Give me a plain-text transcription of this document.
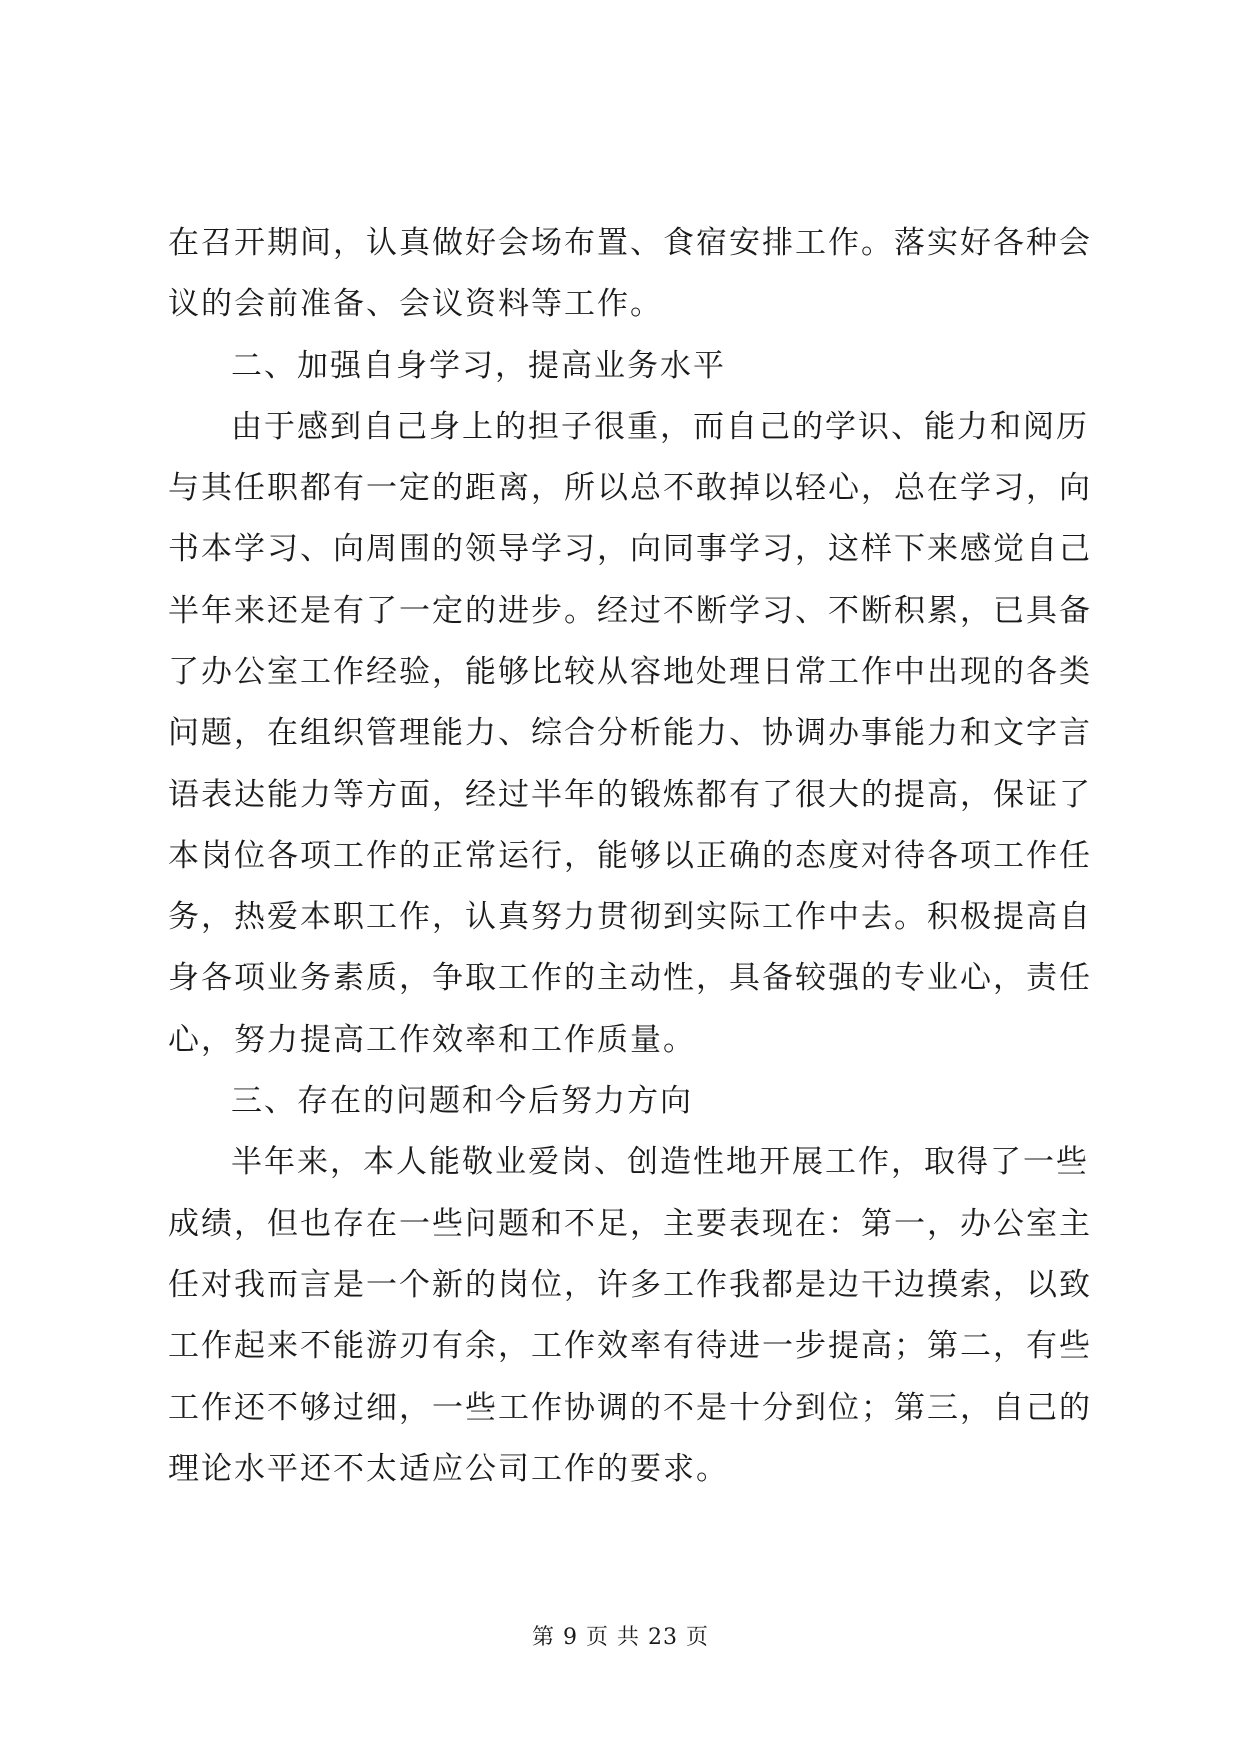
在召开期间，认真做好会场布置、食宿安排工作。落实好各种会
议的会前准备、会议资料等工作。
二、加强自身学习，提高业务水平
由于感到自己身上的担子很重，而自己的学识、能力和阅历
与其任职都有一定的距离，所以总不敢掉以轻心，总在学习，向
书本学习、向周围的领导学习，向同事学习，这样下来感觉自己
半年来还是有了一定的进步。经过不断学习、不断积累，已具备
了办公室工作经验，能够比较从容地处理日常工作中出现的各类
问题，在组织管理能力、综合分析能力、协调办事能力和文字言
语表达能力等方面，经过半年的锻炼都有了很大的提高，保证了
本岗位各项工作的正常运行，能够以正确的态度对待各项工作任
务，热爱本职工作，认真努力贯彻到实际工作中去。积极提高自
身各项业务素质，争取工作的主动性，具备较强的专业心，责任
心，努力提高工作效率和工作质量。
三、存在的问题和今后努力方向
半年来，本人能敬业爱岗、创造性地开展工作，取得了一些
成绩，但也存在一些问题和不足，主要表现在：第一，办公室主
任对我而言是一个新的岗位，许多工作我都是边干边摸索，以致
工作起来不能游刃有余，工作效率有待进一步提高；第二，有些
工作还不够过细，一些工作协调的不是十分到位；第三，自己的
理论水平还不太适应公司工作的要求。
第 9 页 共 23 页
